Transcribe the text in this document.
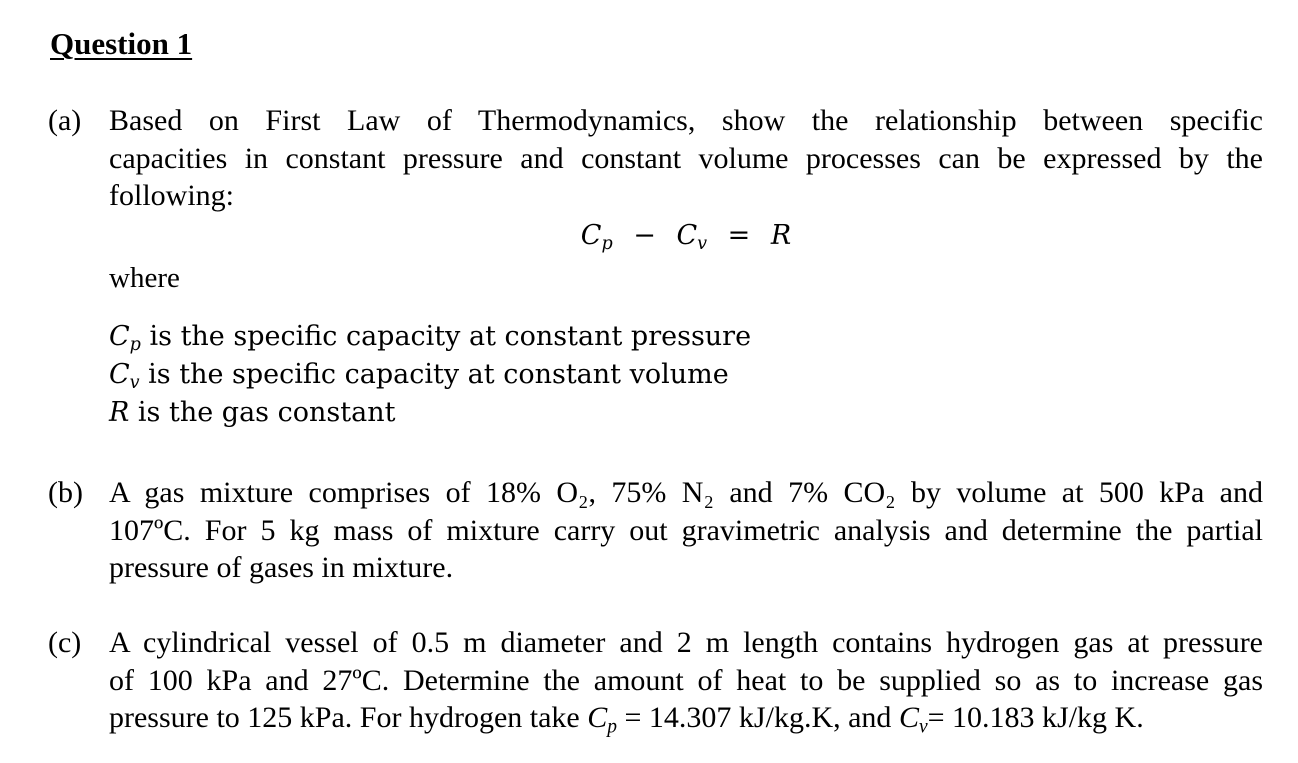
Question 1
(a) Based on First Law of Thermodynamics, show the relationship between specific
capacities in constant pressure and constant volume processes can be expressed by the
following:
$C_p - C_v = R$
where
$C_p$ is the specific capacity at constant pressure
$C_v$ is the specific capacity at constant volume
R is the gas constant
(b) A gas mixture comprises of 18% O₂, 75% N₂ and 7% CO₂ by volume at 500 kPa and
107ºC. For 5 kg mass of mixture carry out gravimetric analysis and determine the partial
pressure of gases in mixture.
(c) A cylindrical vessel of 0.5 m diameter and 2 m length contains hydrogen gas at pressure
of 100 kPa and 27ºC. Determine the amount of heat to be supplied so as to increase gas
pressure to 125 kPa. For hydrogen take $C_p = 14.307$ kJ/kg.K, and $C_v= 10.183$ kJ/kg K.
